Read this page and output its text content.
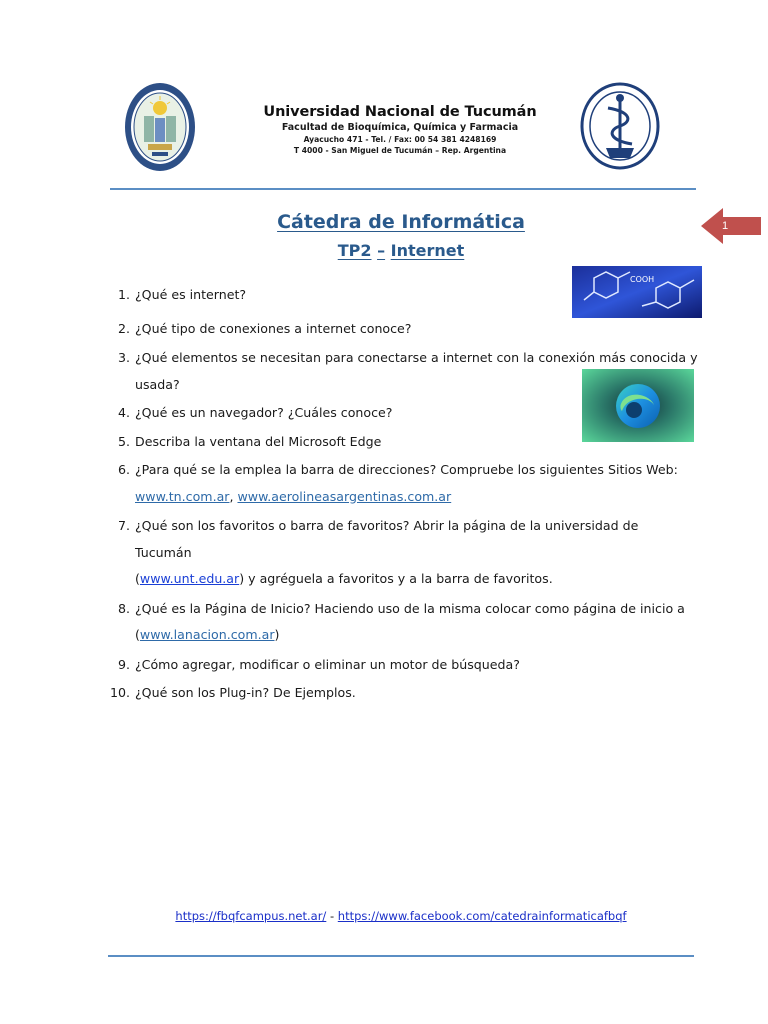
Universidad Nacional de Tucumán
Facultad de Bioquímica, Química y Farmacia
Ayacucho 471 - Tel. / Fax: 00 54 381 4248169
T 4000 - San Miguel de Tucumán – Rep. Argentina
Cátedra de Informática
TP2 – Internet
1
COOH
1. ¿Qué es internet?
2. ¿Qué tipo de conexiones a internet conoce?
3. ¿Qué elementos se necesitan para conectarse a internet con la conexión más conocida y
usada?
4. ¿Qué es un navegador? ¿Cuáles conoce?
5. Describa la ventana del Microsoft Edge
6. ¿Para qué se la emplea la barra de direcciones? Compruebe los siguientes Sitios Web:
www.tn.com.ar, www.aerolineasargentinas.com.ar
7. ¿Qué son los favoritos o barra de favoritos? Abrir la página de la universidad de Tucumán
(www.unt.edu.ar) y agréguela a favoritos y a la barra de favoritos.
8. ¿Qué es la Página de Inicio? Haciendo uso de la misma colocar como página de inicio a
(www.lanacion.com.ar)
9. ¿Cómo agregar, modificar o eliminar un motor de búsqueda?
10. ¿Qué son los Plug-in? De Ejemplos.
https://fbqfcampus.net.ar/ - https://www.facebook.com/catedrainformaticafbqf
